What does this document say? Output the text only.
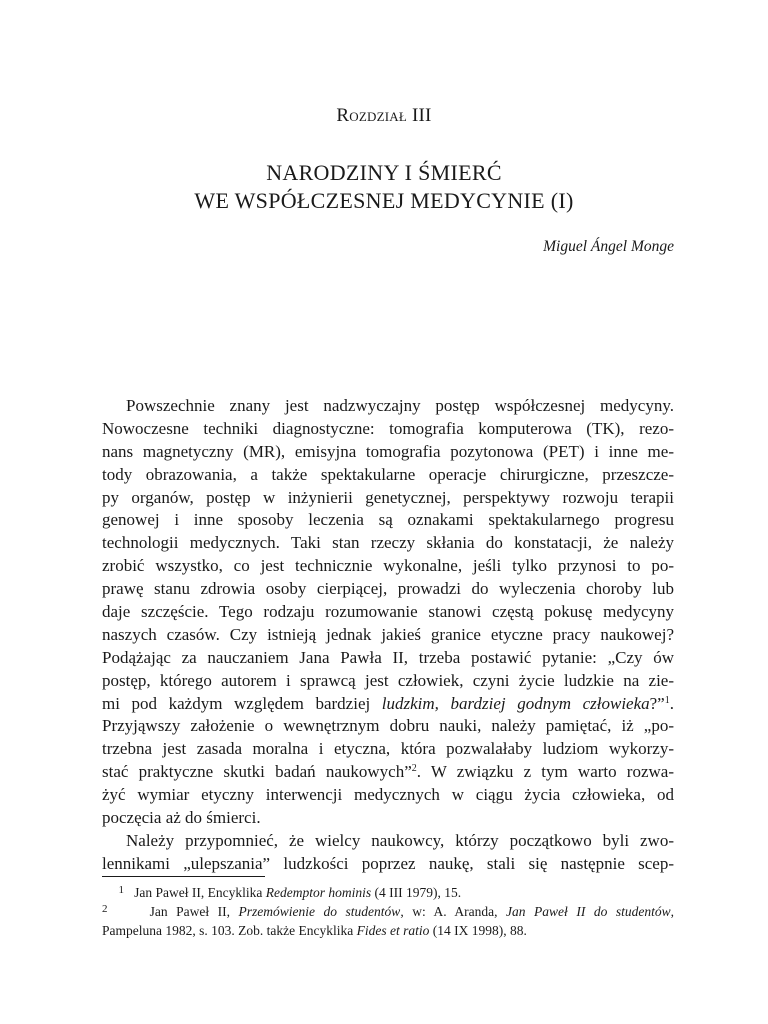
Rozdział III
NARODZINY I ŚMIERĆ
WE WSPÓŁCZESNEJ MEDYCYNIE (I)
Miguel Ángel Monge
Powszechnie znany jest nadzwyczajny postęp współczesnej medycyny.
Nowoczesne techniki diagnostyczne: tomografia komputerowa (TK), rezo-
nans magnetyczny (MR), emisyjna tomografia pozytonowa (PET) i inne me-
tody obrazowania, a także spektakularne operacje chirurgiczne, przeszcze-
py organów, postęp w inżynierii genetycznej, perspektywy rozwoju terapii
genowej i inne sposoby leczenia są oznakami spektakularnego progresu
technologii medycznych. Taki stan rzeczy skłania do konstatacji, że należy
zrobić wszystko, co jest technicznie wykonalne, jeśli tylko przynosi to po-
prawę stanu zdrowia osoby cierpiącej, prowadzi do wyleczenia choroby lub
daje szczęście. Tego rodzaju rozumowanie stanowi częstą pokusę medycyny
naszych czasów. Czy istnieją jednak jakieś granice etyczne pracy naukowej?
Podążając za nauczaniem Jana Pawła II, trzeba postawić pytanie: „Czy ów
postęp, którego autorem i sprawcą jest człowiek, czyni życie ludzkie na zie-
mi pod każdym względem bardziej ludzkim, bardziej godnym człowieka?”$^1$.
Przyjąwszy założenie o wewnętrznym dobru nauki, należy pamiętać, iż „po-
trzebna jest zasada moralna i etyczna, która pozwalałaby ludziom wykorzy-
stać praktyczne skutki badań naukowych”$^2$. W związku z tym warto rozwa-
żyć wymiar etyczny interwencji medycznych w ciągu życia człowieka, od
poczęcia aż do śmierci.
Należy przypomnieć, że wielcy naukowcy, którzy początkowo byli zwo-
lennikami „ulepszania” ludzkości poprzez naukę, stali się następnie scep-
1 Jan Paweł II, Encyklika Redemptor hominis (4 III 1979), 15.
2	Jan Paweł II, Przemówienie do studentów, w: A. Aranda, Jan Paweł II do studentów,
Pampeluna 1982, s. 103. Zob. także Encyklika Fides et ratio (14 IX 1998), 88.
